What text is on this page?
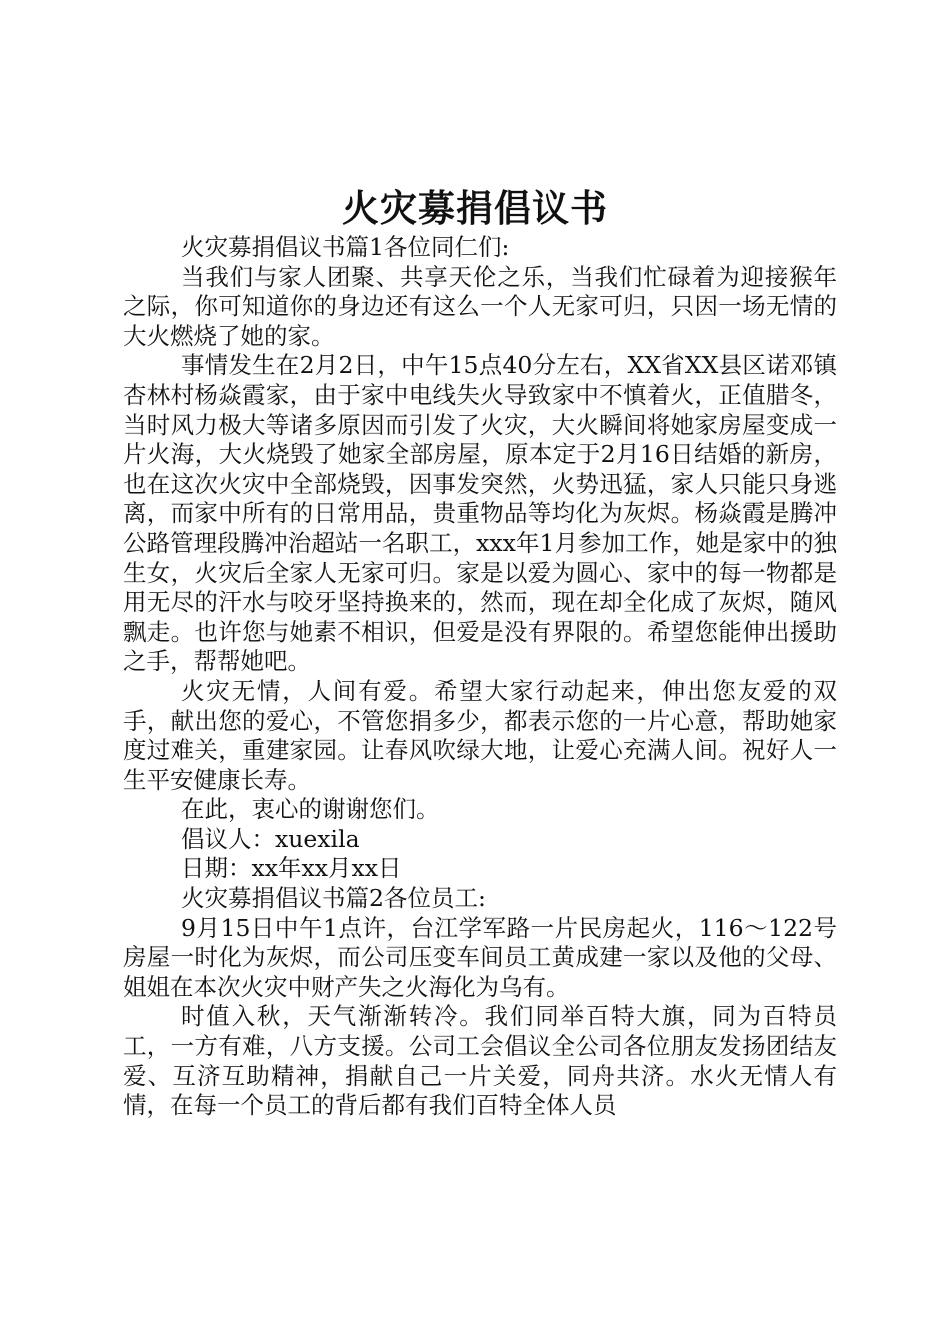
火灾募捐倡议书

火灾募捐倡议书篇1各位同仁们:

当我们与家人团聚、共享天伦之乐，当我们忙碌着为迎接猴年之际，你可知道你的身边还有这么一个人无家可归，只因一场无情的大火燃烧了她的家。

事情发生在2月2日，中午15点40分左右，XX省XX县区诺邓镇杏林村杨焱霞家，由于家中电线失火导致家中不慎着火，正值腊冬，当时风力极大等诸多原因而引发了火灾，大火瞬间将她家房屋变成一片火海，大火烧毁了她家全部房屋，原本定于2月16日结婚的新房，也在这次火灾中全部烧毁，因事发突然，火势迅猛，家人只能只身逃离，而家中所有的日常用品，贵重物品等均化为灰烬。杨焱霞是腾冲公路管理段腾冲治超站一名职工，xxx年1月参加工作，她是家中的独生女，火灾后全家人无家可归。家是以爱为圆心、家中的每一物都是用无尽的汗水与咬牙坚持换来的，然而，现在却全化成了灰烬，随风飘走。也许您与她素不相识，但爱是没有界限的。希望您能伸出援助之手，帮帮她吧。

火灾无情，人间有爱。希望大家行动起来，伸出您友爱的双手，献出您的爱心，不管您捐多少，都表示您的一片心意，帮助她家度过难关，重建家园。让春风吹绿大地，让爱心充满人间。祝好人一生平安健康长寿。

在此，衷心的谢谢您们。

倡议人：xuexila

日期：xx年xx月xx日

火灾募捐倡议书篇2各位员工:

9月15日中午1点许，台江学军路一片民房起火，116～122号房屋一时化为灰烬，而公司压变车间员工黄成建一家以及他的父母、姐姐在本次火灾中财产失之火海化为乌有。

时值入秋，天气渐渐转冷。我们同举百特大旗，同为百特员工，一方有难，八方支援。公司工会倡议全公司各位朋友发扬团结友爱、互济互助精神，捐献自己一片关爱，同舟共济。水火无情人有情，在每一个员工的背后都有我们百特全体人员
